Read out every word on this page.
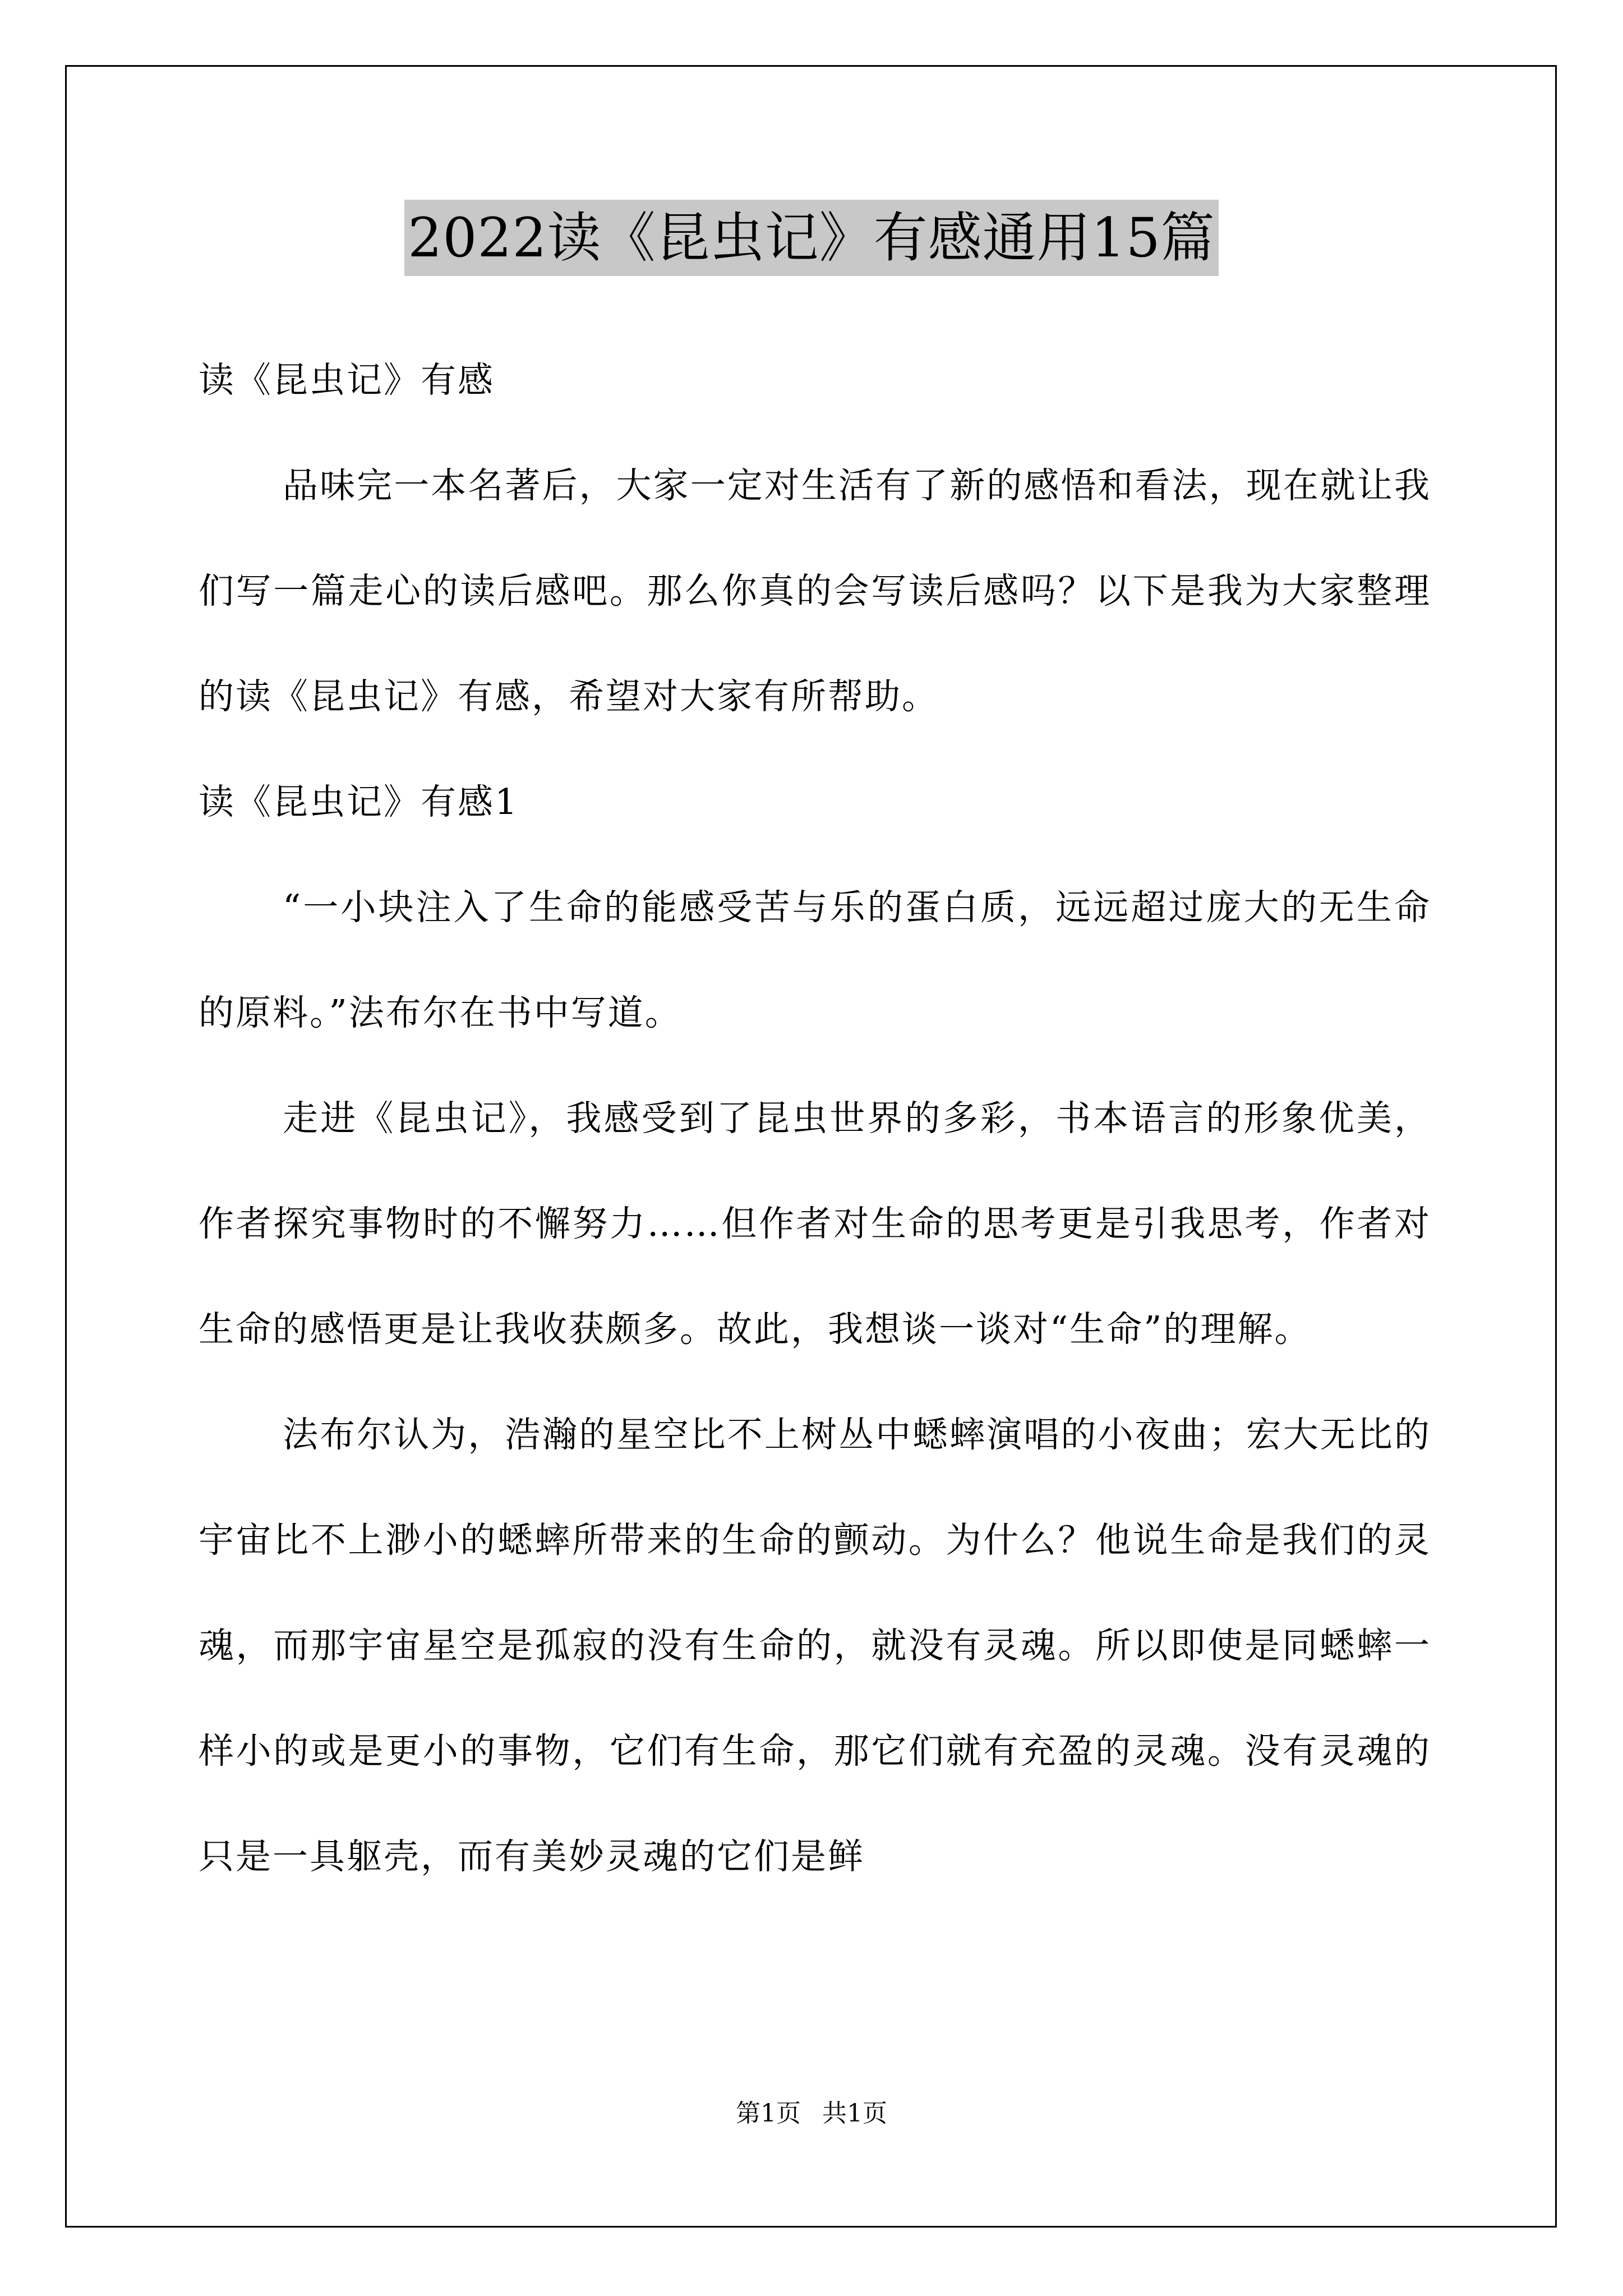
2022读《昆虫记》有感通用15篇

读《昆虫记》有感

品味完一本名著后，大家一定对生活有了新的感悟和看法，现在就让我们写一篇走心的读后感吧。那么你真的会写读后感吗？以下是我为大家整理的读《昆虫记》有感，希望对大家有所帮助。

读《昆虫记》有感1

“一小块注入了生命的能感受苦与乐的蛋白质，远远超过庞大的无生命的原料。”法布尔在书中写道。

走进《昆虫记》，我感受到了昆虫世界的多彩，书本语言的形象优美，作者探究事物时的不懈努力……但作者对生命的思考更是引我思考，作者对生命的感悟更是让我收获颇多。故此，我想谈一谈对“生命”的理解。

法布尔认为，浩瀚的星空比不上树丛中蟋蟀演唱的小夜曲；宏大无比的宇宙比不上渺小的蟋蟀所带来的生命的颤动。为什么？他说生命是我们的灵魂，而那宇宙星空是孤寂的没有生命的，就没有灵魂。所以即使是同蟋蟀一样小的或是更小的事物，它们有生命，那它们就有充盈的灵魂。没有灵魂的只是一具躯壳，而有美妙灵魂的它们是鲜

第1页 共1页
